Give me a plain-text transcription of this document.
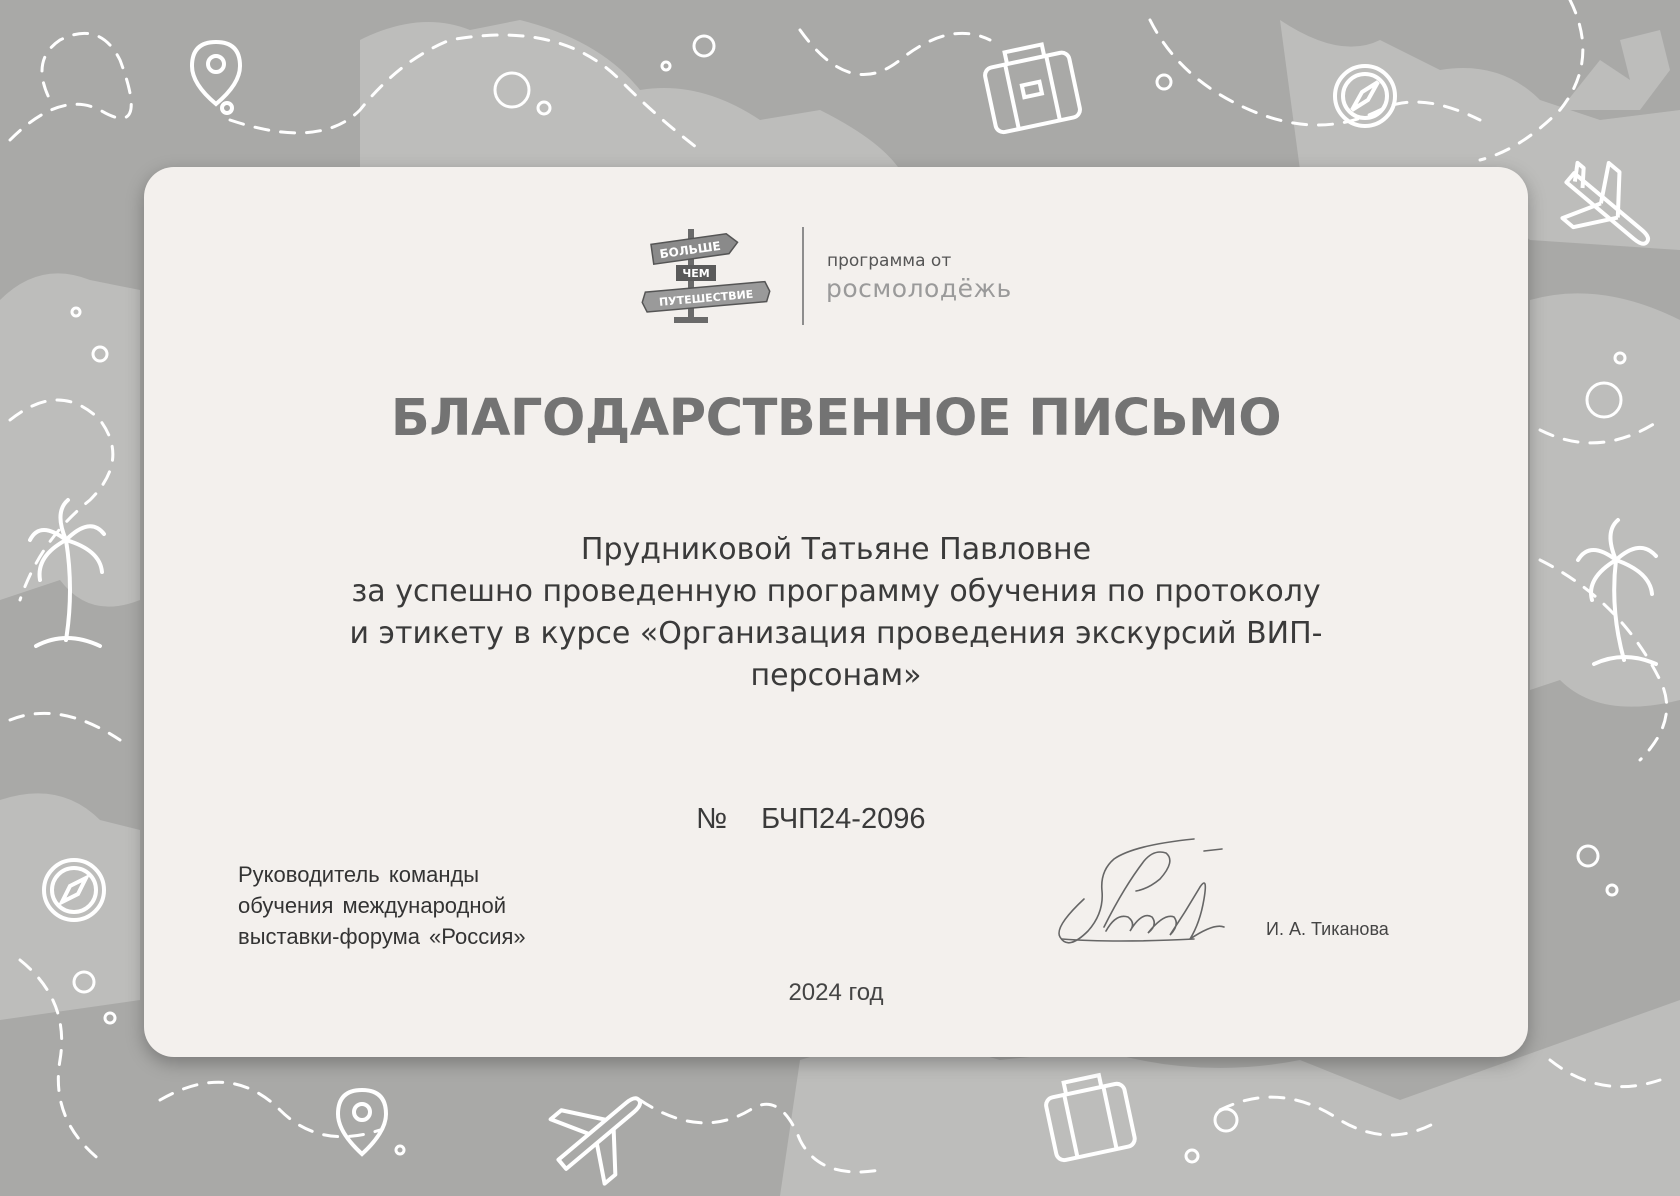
БОЛЬШЕ
ЧЕМ
ПУТЕШЕСТВИЕ
программа от
росмолодёжь
БЛАГОДАРСТВЕННОЕ ПИСЬМО
Прудниковой Татьяне Павловне
за успешно проведенную программу обучения по протоколу
и этикету в курсе «Организация проведения экскурсий ВИП-
персонам»
№ БЧП24-2096
Руководитель команды
обучения международной
выставки-форума «Россия»	И. А. Тиканова
2024 год
